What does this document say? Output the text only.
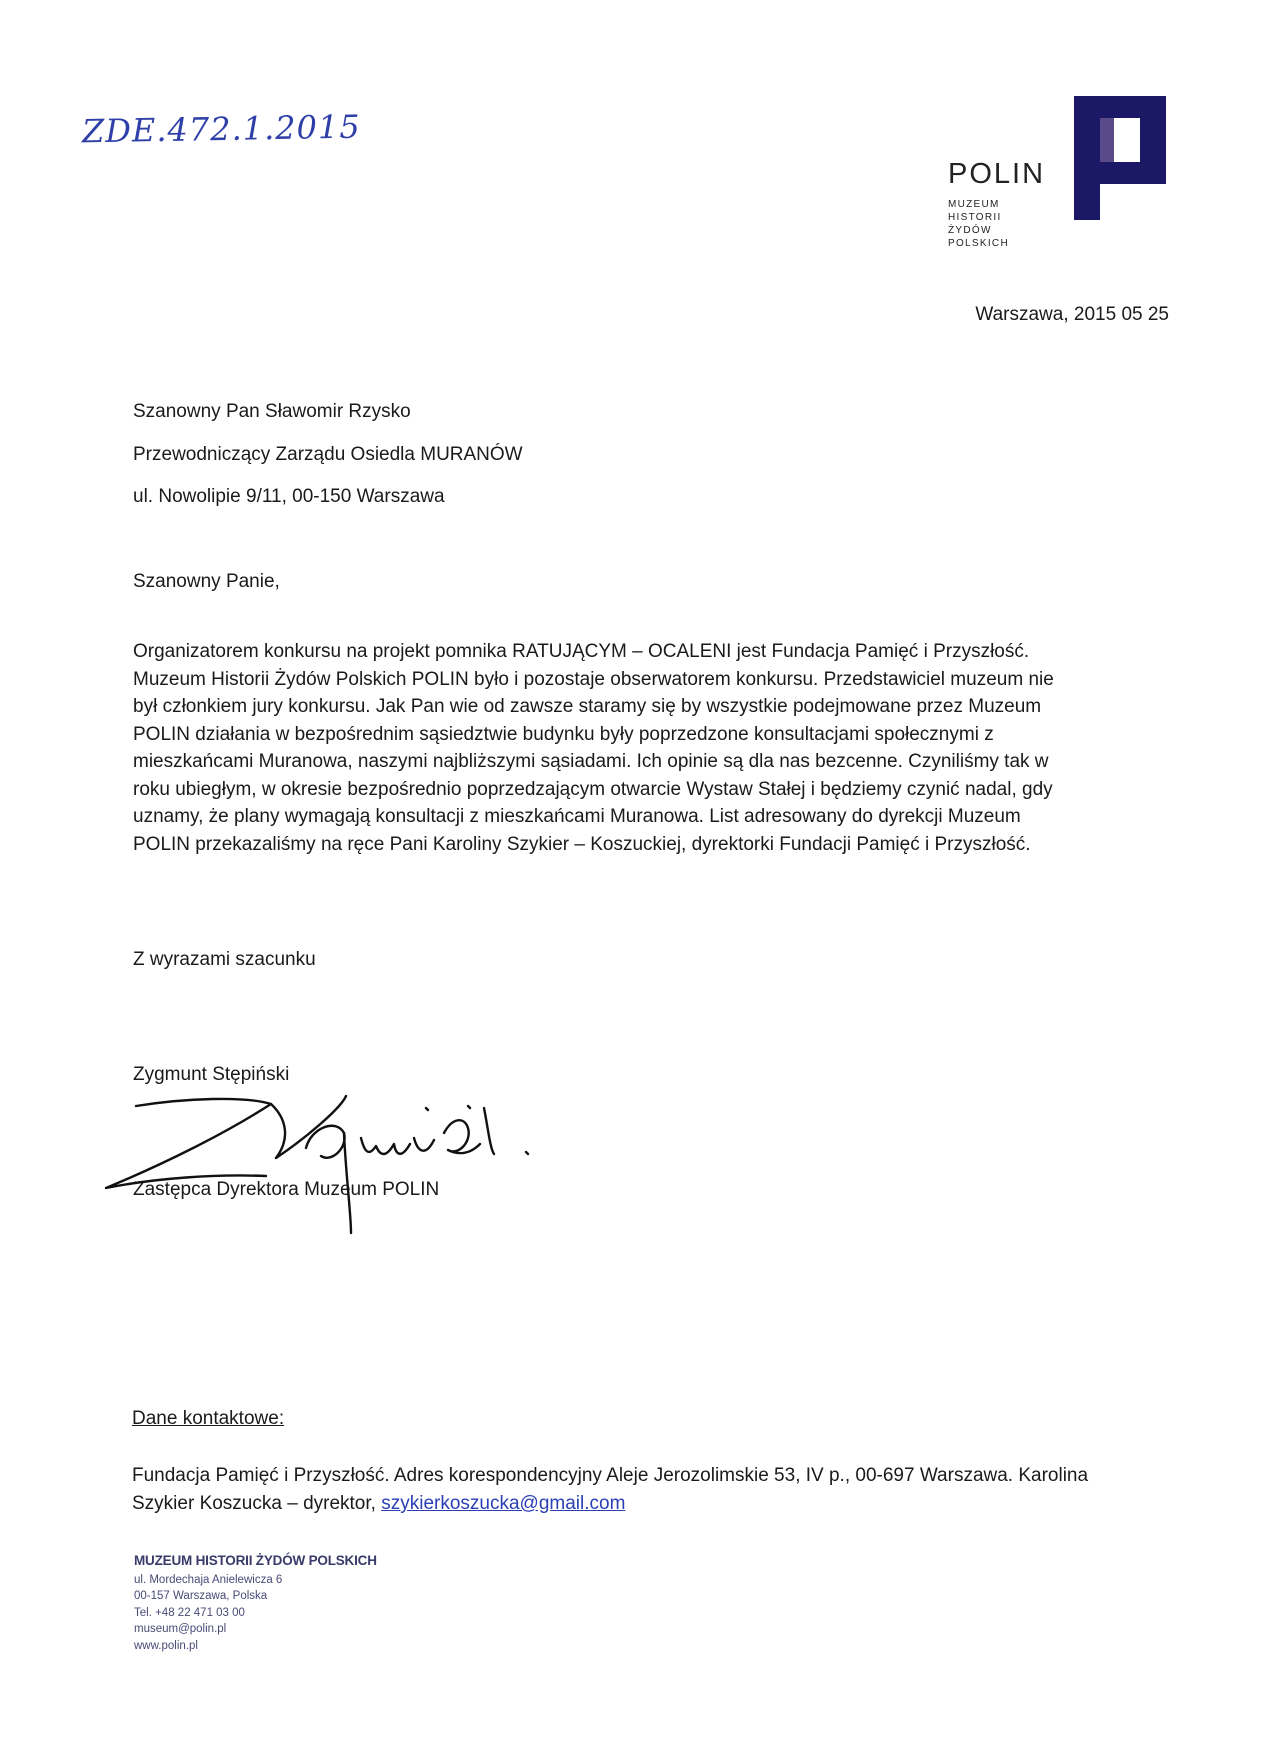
ZDE.472.1.2015
POLIN
MUZEUM HISTORII
ŻYDÓW POLSKICH
Warszawa, 2015 05 25
Szanowny Pan Sławomir Rzysko
Przewodniczący Zarządu Osiedla MURANÓW
ul. Nowolipie 9/11, 00-150 Warszawa
Szanowny Panie,
Organizatorem konkursu na projekt pomnika RATUJĄCYM – OCALENI jest Fundacja Pamięć i Przyszłość.
Muzeum Historii Żydów Polskich POLIN było i pozostaje obserwatorem konkursu. Przedstawiciel muzeum nie
był członkiem jury konkursu. Jak Pan wie od zawsze staramy się by wszystkie podejmowane przez Muzeum
POLIN działania w bezpośrednim sąsiedztwie budynku były poprzedzone konsultacjami społecznymi z
mieszkańcami Muranowa, naszymi najbliższymi sąsiadami. Ich opinie są dla nas bezcenne. Czyniliśmy tak w
roku ubiegłym, w okresie bezpośrednio poprzedzającym otwarcie Wystaw Stałej i będziemy czynić nadal, gdy
uznamy, że plany wymagają konsultacji z mieszkańcami Muranowa. List adresowany do dyrekcji Muzeum
POLIN przekazaliśmy na ręce Pani Karoliny Szykier – Koszuckiej, dyrektorki Fundacji Pamięć i Przyszłość.
Z wyrazami szacunku
Zygmunt Stępiński
Zastępca Dyrektora Muzeum POLIN
Dane kontaktowe:
Fundacja Pamięć i Przyszłość. Adres korespondencyjny Aleje Jerozolimskie 53, IV p., 00-697 Warszawa. Karolina
Szykier Koszucka – dyrektor, szykierkoszucka@gmail.com
MUZEUM HISTORII ŻYDÓW POLSKICH
ul. Mordechaja Anielewicza 6
00-157 Warszawa, Polska
Tel. +48 22 471 03 00
museum@polin.pl
www.polin.pl
